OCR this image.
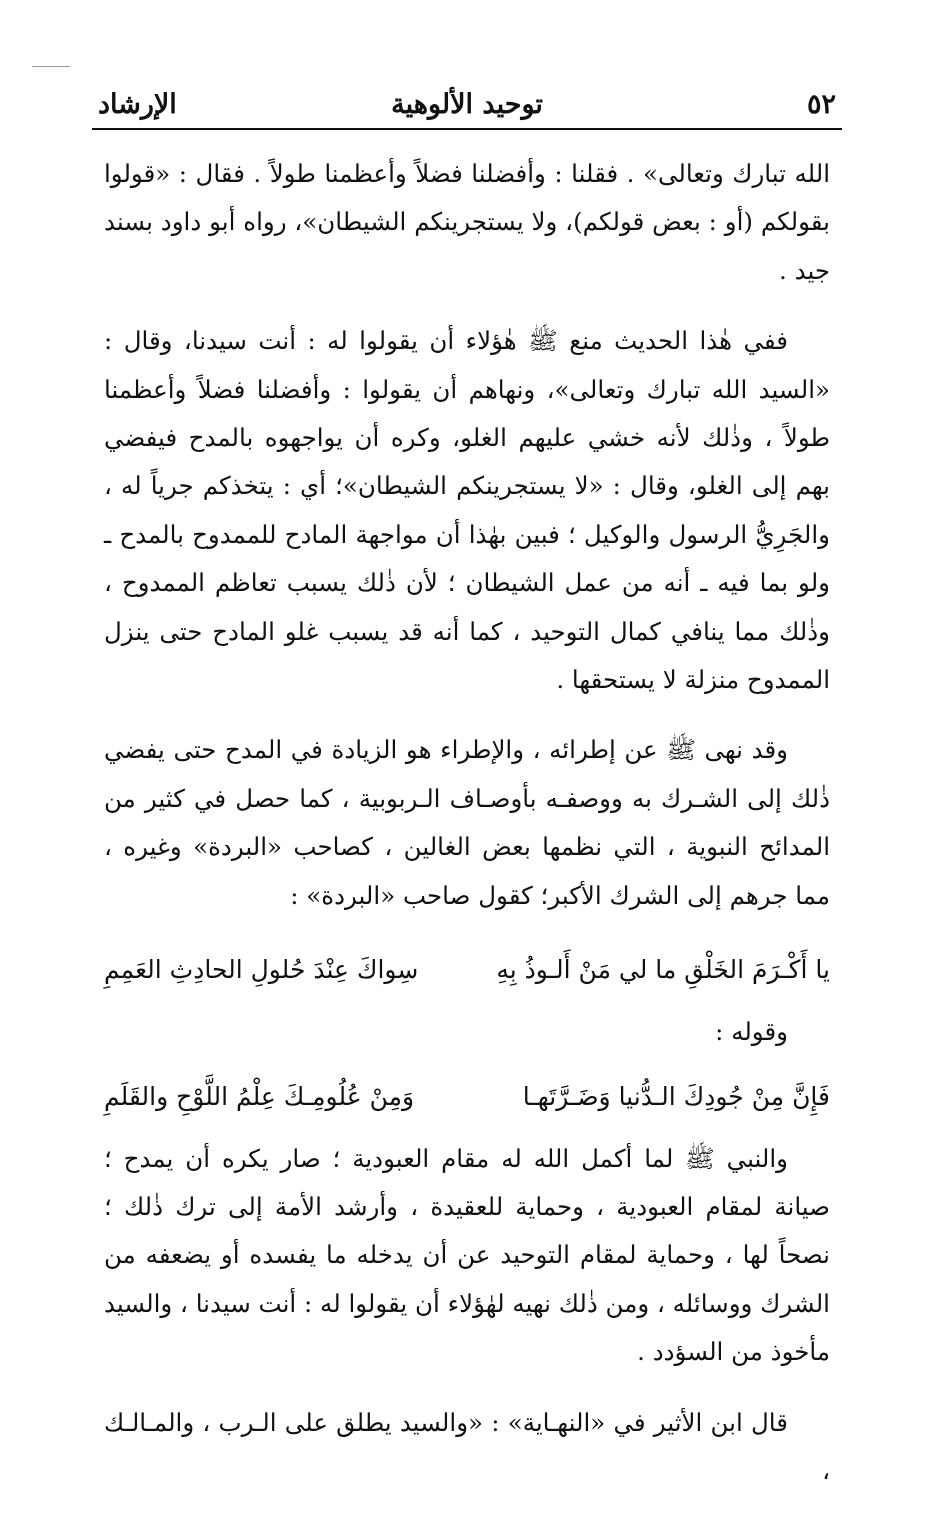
٥٢
توحيد الألوهية
الإرشاد

الله تبارك وتعالى» . فقلنا : وأفضلنا فضلاً وأعظمنا طولاً . فقال : «قولوا بقولكم (أو : بعض قولكم)، ولا يستجرينكم الشيطان»، رواه أبو داود بسند جيد .

ففي هٰذا الحديث منع ﷺ هٰؤلاء أن يقولوا له : أنت سيدنا، وقال : «السيد الله تبارك وتعالى»، ونهاهم أن يقولوا : وأفضلنا فضلاً وأعظمنا طولاً ، وذٰلك لأنه خشي عليهم الغلو، وكره أن يواجهوه بالمدح فيفضي بهم إلى الغلو، وقال : «لا يستجرينكم الشيطان»؛ أي : يتخذكم جرياً له ، والجَرِيُّ الرسول والوكيل ؛ فبين بهٰذا أن مواجهة المادح للممدوح بالمدح ـ ولو بما فيه ـ أنه من عمل الشيطان ؛ لأن ذٰلك يسبب تعاظم الممدوح ، وذٰلك مما ينافي كمال التوحيد ، كما أنه قد يسبب غلو المادح حتى ينزل الممدوح منزلة لا يستحقها .

وقد نهى ﷺ عن إطرائه ، والإطراء هو الزيادة في المدح حتى يفضي ذٰلك إلى الشـرك به ووصفـه بأوصـاف الـربوبية ، كما حصل في كثير من المدائح النبوية ، التي نظمها بعض الغالين ، كصاحب «البردة» وغيره ، مما جرهم إلى الشرك الأكبر؛ كقول صاحب «البردة» :

يا أَكْـرَمَ الخَلْقِ ما لي مَنْ أَلـوذُ بِهِ
سِواكَ عِنْدَ حُلولِ الحادِثِ العَمِمِ
وقوله :
فَإِنَّ مِنْ جُودِكَ الـدُّنيا وَضَـرَّتَهـا
وَمِنْ عُلُومِـكَ عِلْمُ اللَّوْحِ والقَلَمِ

والنبي ﷺ لما أكمل الله له مقام العبودية ؛ صار يكره أن يمدح ؛ صيانة لمقام العبودية ، وحماية للعقيدة ، وأرشد الأمة إلى ترك ذٰلك ؛ نصحاً لها ، وحماية لمقام التوحيد عن أن يدخله ما يفسده أو يضعفه من الشرك ووسائله ، ومن ذٰلك نهيه لهٰؤلاء أن يقولوا له : أنت سيدنا ، والسيد مأخوذ من السؤدد .

قال ابن الأثير في «النهـاية» : «والسيد يطلق على الـرب ، والمـالـك ،
